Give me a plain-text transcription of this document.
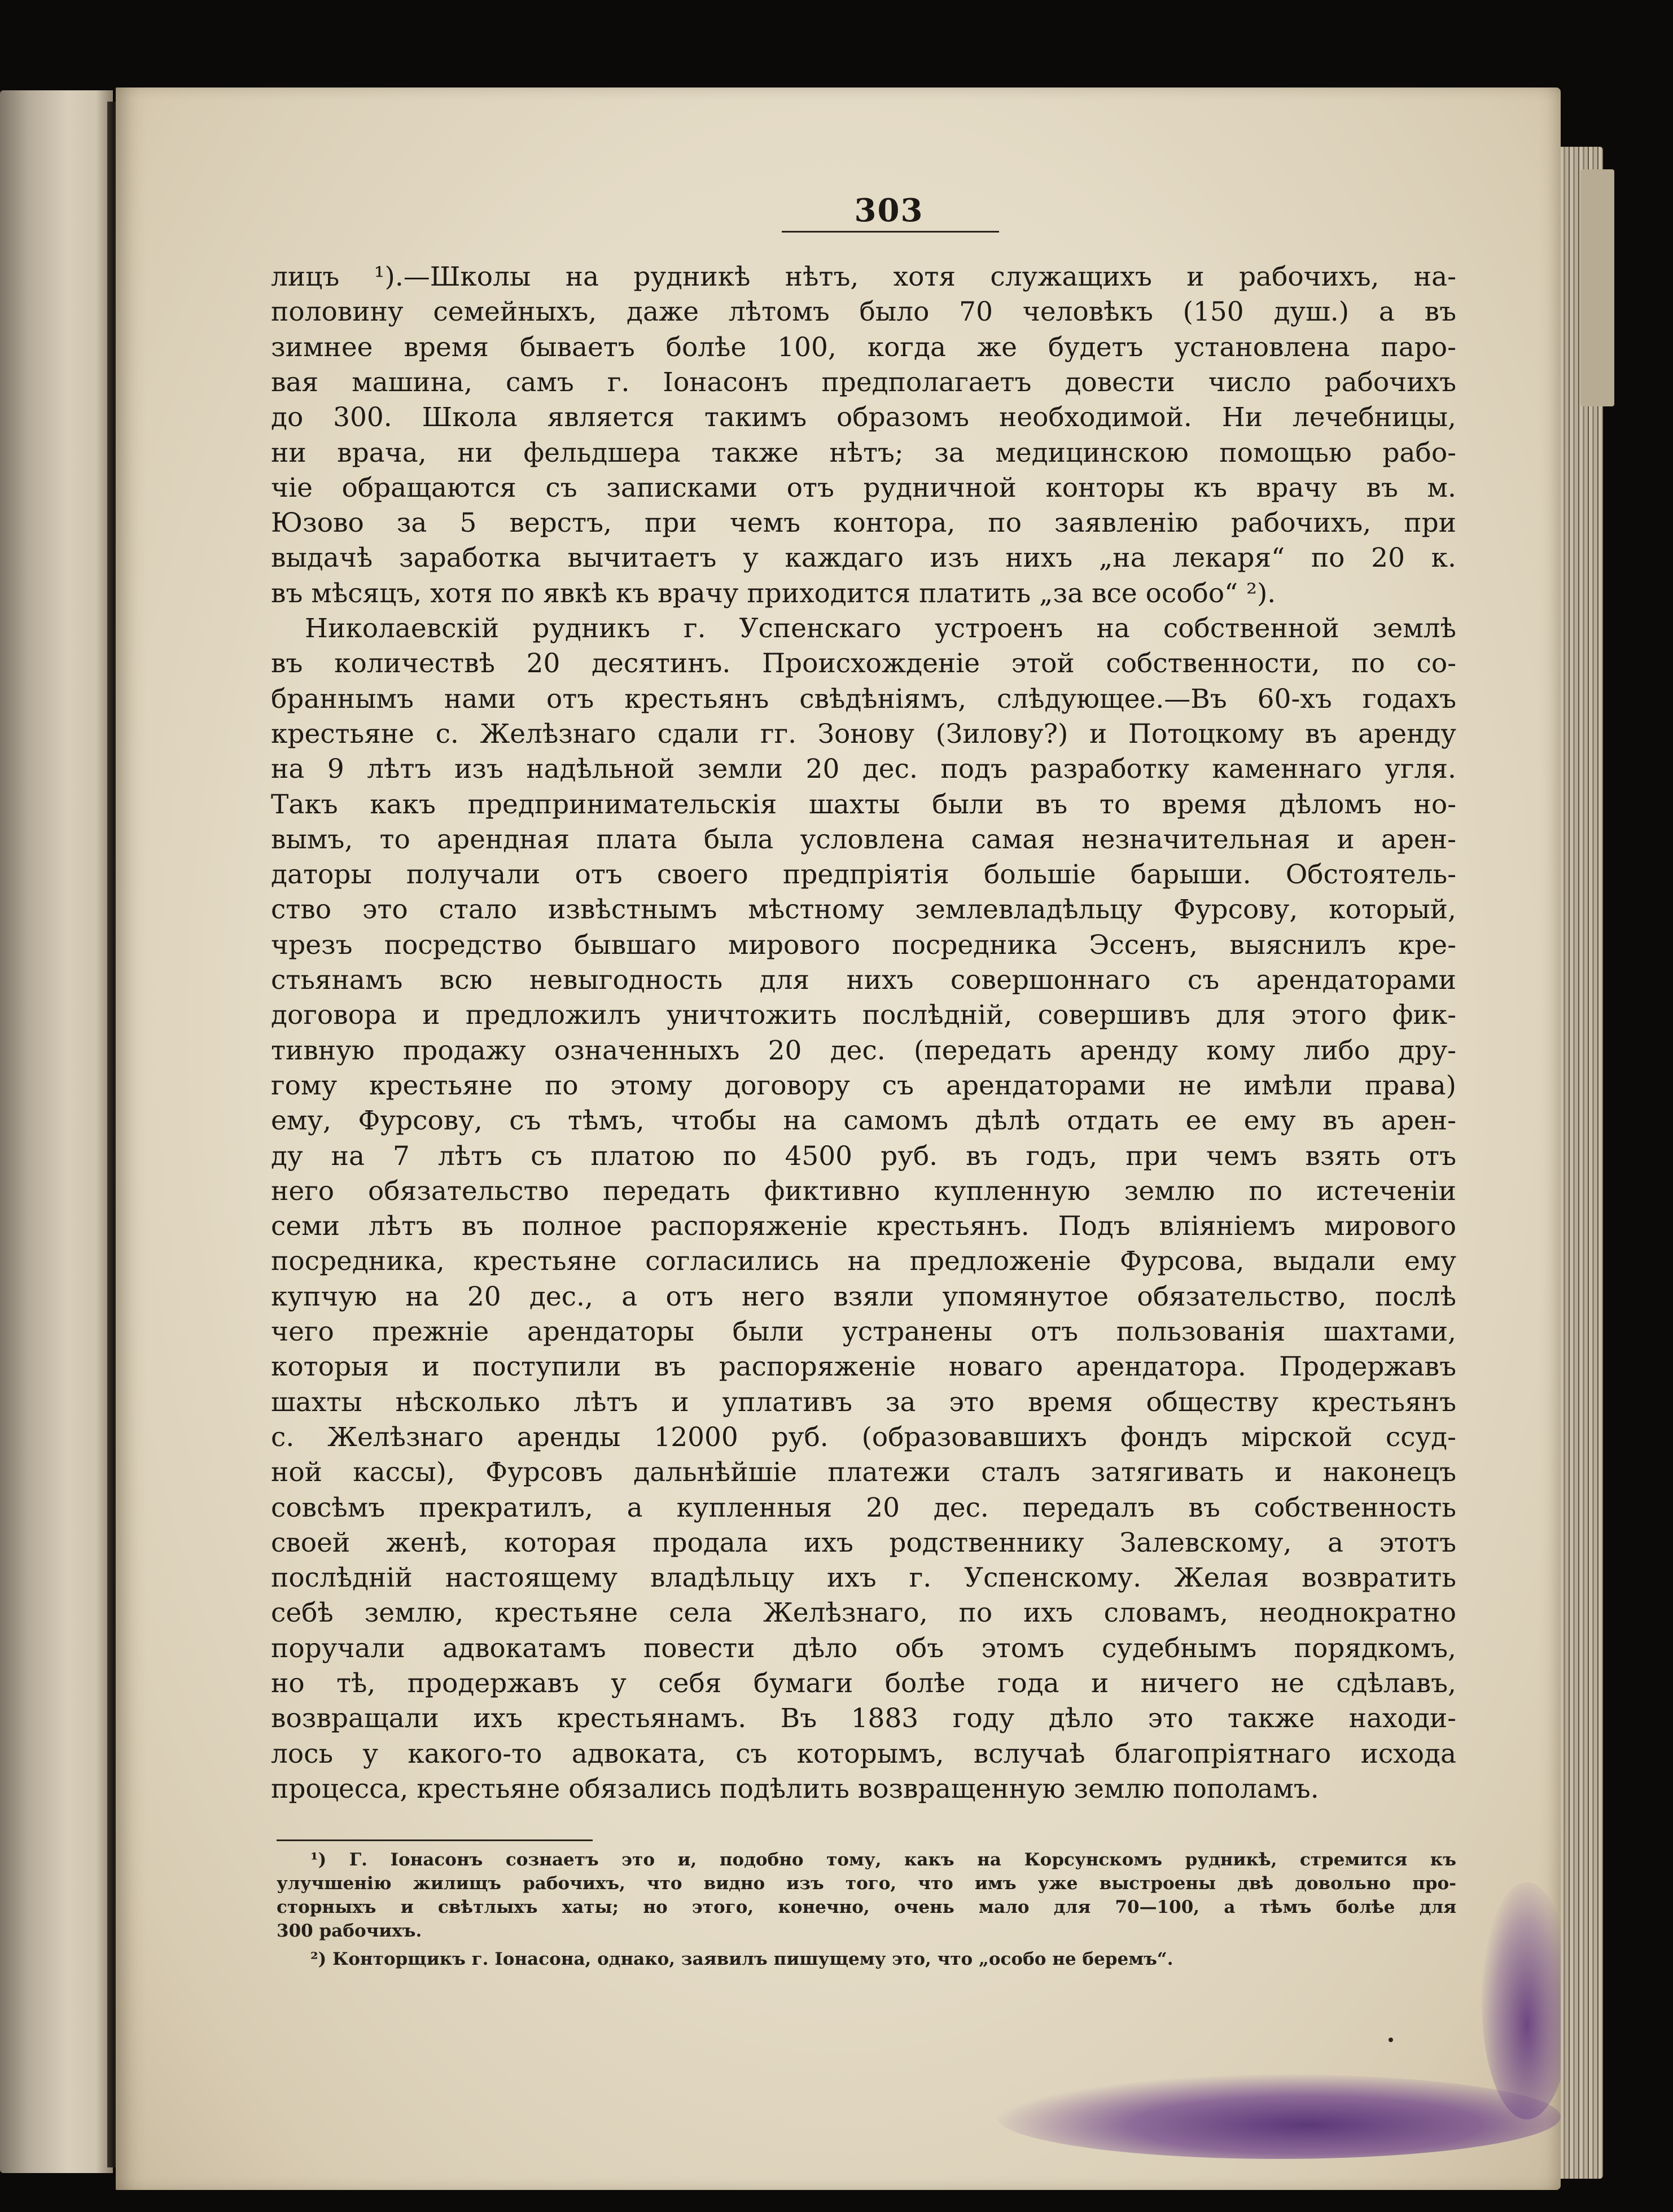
303
лицъ ¹).—Школы на рудникѣ нѣтъ, хотя служащихъ и рабочихъ, на-
половину семейныхъ, даже лѣтомъ было 70 человѣкъ (150 душ.) а въ
зимнее время бываетъ болѣе 100, когда же будетъ установлена паро-
вая машина, самъ г. Іонасонъ предполагаетъ довести число рабочихъ
до 300. Школа является такимъ образомъ необходимой. Ни лечебницы,
ни врача, ни фельдшера также нѣтъ; за медицинскою помощью рабо-
чіе обращаются съ записками отъ рудничной конторы къ врачу въ м.
Юзово за 5 верстъ, при чемъ контора, по заявленію рабочихъ, при
выдачѣ заработка вычитаетъ у каждаго изъ нихъ „на лекаря“ по 20 к.
въ мѣсяцъ, хотя по явкѣ къ врачу приходится платить „за все особо“ ²).
Николаевскій рудникъ г. Успенскаго устроенъ на собственной землѣ
въ количествѣ 20 десятинъ. Происхожденіе этой собственности, по со-
браннымъ нами отъ крестьянъ свѣдѣніямъ, слѣдующее.—Въ 60-хъ годахъ
крестьяне с. Желѣзнаго сдали гг. Зонову (Зилову?) и Потоцкому въ аренду
на 9 лѣтъ изъ надѣльной земли 20 дес. подъ разработку каменнаго угля.
Такъ какъ предпринимательскія шахты были въ то время дѣломъ но-
вымъ, то арендная плата была условлена самая незначительная и арен-
даторы получали отъ своего предпріятія большіе барыши. Обстоятель-
ство это стало извѣстнымъ мѣстному землевладѣльцу Фурсову, который,
чрезъ посредство бывшаго мирового посредника Эссенъ, выяснилъ кре-
стьянамъ всю невыгодность для нихъ совершоннаго съ арендаторами
договора и предложилъ уничтожить послѣдній, совершивъ для этого фик-
тивную продажу означенныхъ 20 дес. (передать аренду кому либо дру-
гому крестьяне по этому договору съ арендаторами не имѣли права)
ему, Фурсову, съ тѣмъ, чтобы на самомъ дѣлѣ отдать ее ему въ арен-
ду на 7 лѣтъ съ платою по 4500 руб. въ годъ, при чемъ взять отъ
него обязательство передать фиктивно купленную землю по истеченіи
семи лѣтъ въ полное распоряженіе крестьянъ. Подъ вліяніемъ мирового
посредника, крестьяне согласились на предложеніе Фурсова, выдали ему
купчую на 20 дес., а отъ него взяли упомянутое обязательство, послѣ
чего прежніе арендаторы были устранены отъ пользованія шахтами,
которыя и поступили въ распоряженіе новаго арендатора. Продержавъ
шахты нѣсколько лѣтъ и уплативъ за это время обществу крестьянъ
с. Желѣзнаго аренды 12000 руб. (образовавшихъ фондъ мірской ссуд-
ной кассы), Фурсовъ дальнѣйшіе платежи сталъ затягивать и наконецъ
совсѣмъ прекратилъ, а купленныя 20 дес. передалъ въ собственность
своей женѣ, которая продала ихъ родственнику Залевскому, а этотъ
послѣдній настоящему владѣльцу ихъ г. Успенскому. Желая возвратить
себѣ землю, крестьяне села Желѣзнаго, по ихъ словамъ, неоднократно
поручали адвокатамъ повести дѣло объ этомъ судебнымъ порядкомъ,
но тѣ, продержавъ у себя бумаги болѣе года и ничего не сдѣлавъ,
возвращали ихъ крестьянамъ. Въ 1883 году дѣло это также находи-
лось у какого-то адвоката, съ которымъ, вслучаѣ благопріятнаго исхода
процесса, крестьяне обязались подѣлить возвращенную землю пополамъ.
¹) Г. Іонасонъ сознаетъ это и, подобно тому, какъ на Корсунскомъ рудникѣ, стремится къ
улучшенію жилищъ рабочихъ, что видно изъ того, что имъ уже выстроены двѣ довольно про-
сторныхъ и свѣтлыхъ хаты; но этого, конечно, очень мало для 70—100, а тѣмъ болѣе для
300 рабочихъ.
²) Конторщикъ г. Іонасона, однако, заявилъ пишущему это, что „особо не беремъ“.
